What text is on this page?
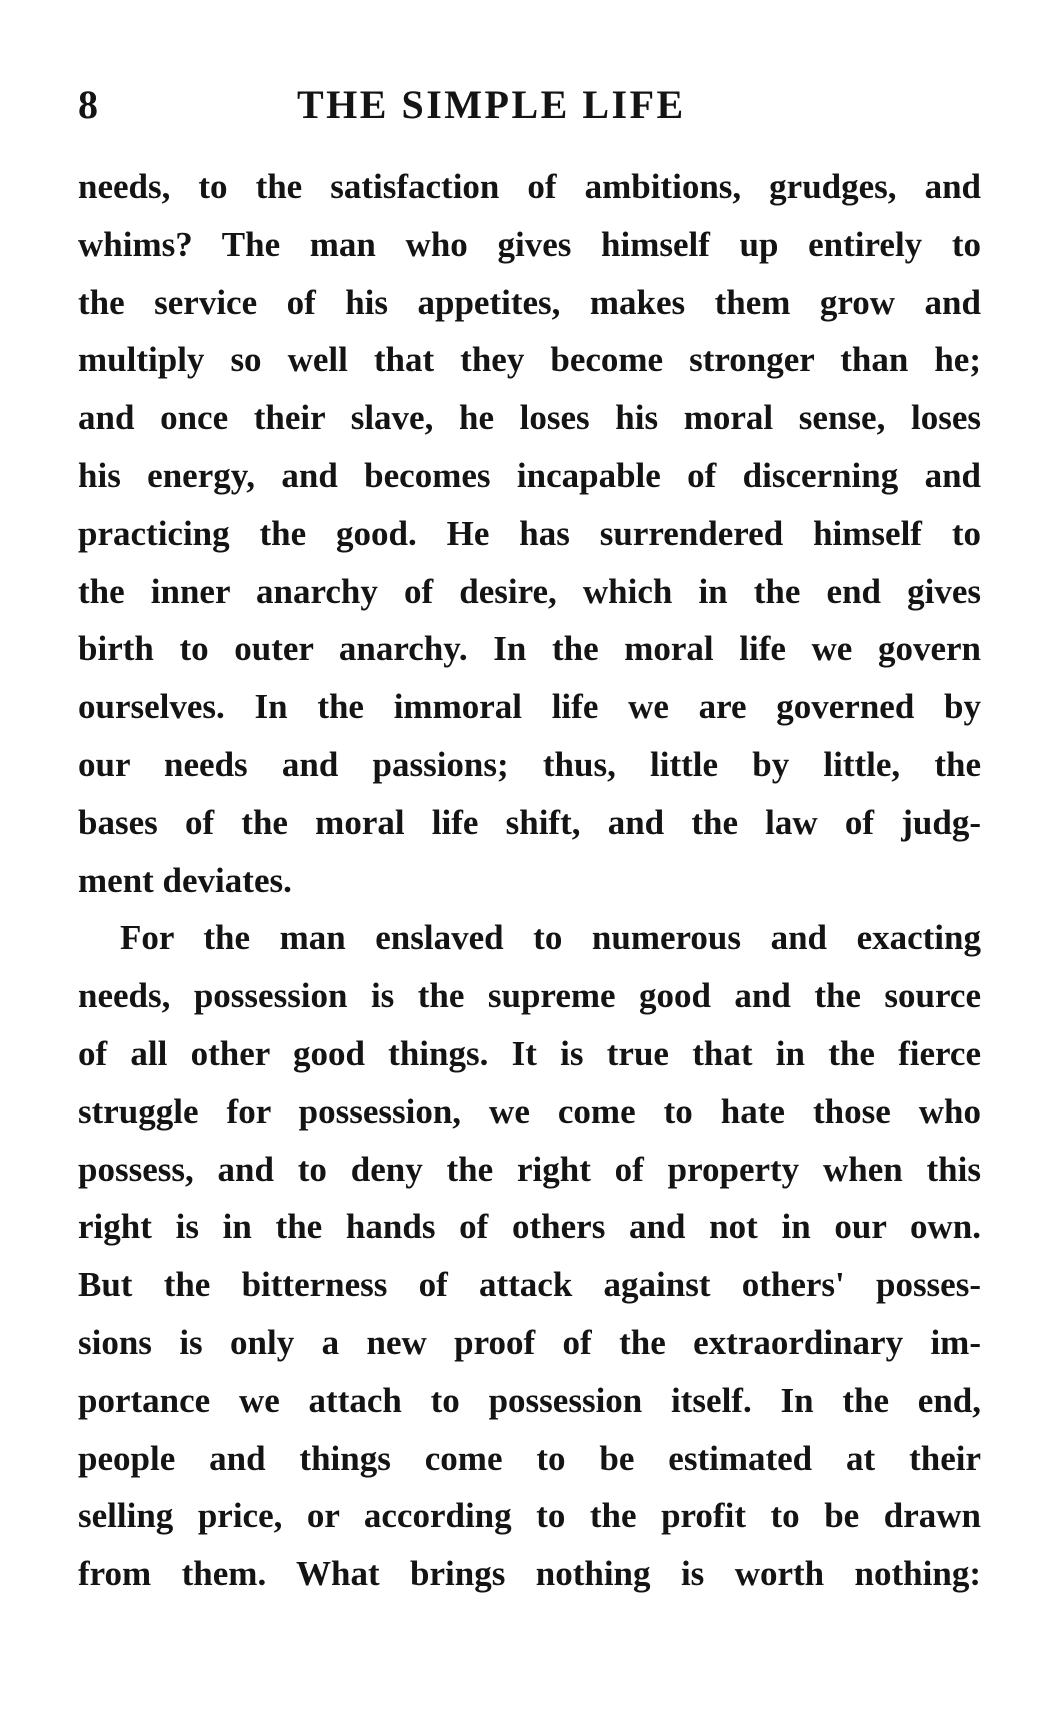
8	THE SIMPLE LIFE
needs, to the satisfaction of ambitions, grudges, and
whims? The man who gives himself up entirely to
the service of his appetites, makes them grow and
multiply so well that they become stronger than he;
and once their slave, he loses his moral sense, loses
his energy, and becomes incapable of discerning and
practicing the good. He has surrendered himself to
the inner anarchy of desire, which in the end gives
birth to outer anarchy. In the moral life we govern
ourselves. In the immoral life we are governed by
our needs and passions; thus, little by little, the
bases of the moral life shift, and the law of judg-
ment deviates.
For the man enslaved to numerous and exacting
needs, possession is the supreme good and the source
of all other good things. It is true that in the fierce
struggle for possession, we come to hate those who
possess, and to deny the right of property when this
right is in the hands of others and not in our own.
But the bitterness of attack against others' posses-
sions is only a new proof of the extraordinary im-
portance we attach to possession itself. In the end,
people and things come to be estimated at their
selling price, or according to the profit to be drawn
from them. What brings nothing is worth nothing:
